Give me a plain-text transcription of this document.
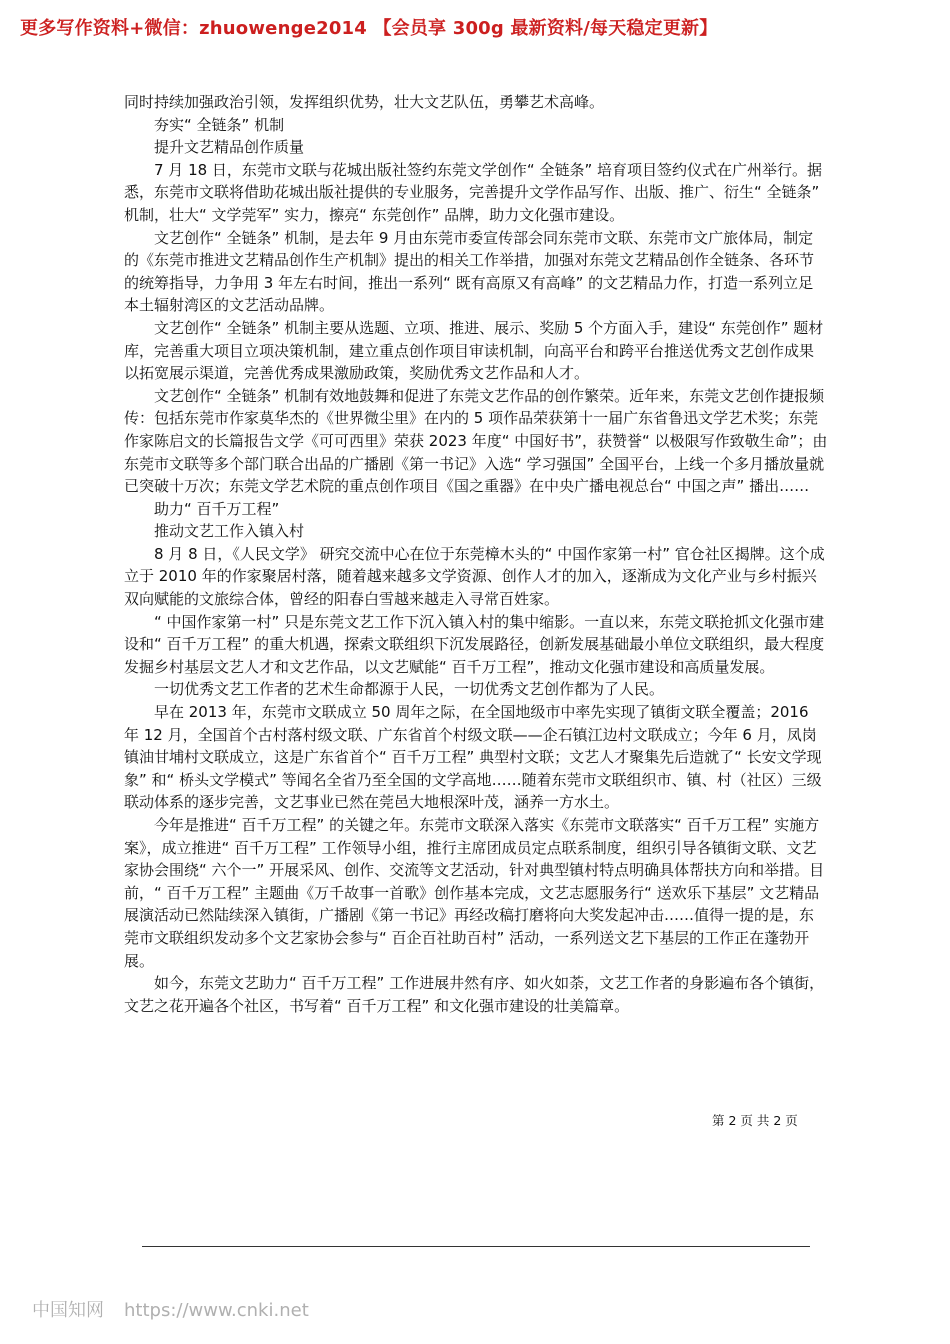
更多写作资料+微信：zhuowenge2014 【会员享 300g 最新资料/每天稳定更新】

同时持续加强政治引领，发挥组织优势，壮大文艺队伍，勇攀艺术高峰。

夯实“ 全链条” 机制

提升文艺精品创作质量

7 月 18 日，东莞市文联与花城出版社签约东莞文学创作“ 全链条” 培育项目签约仪式在广州举行。据悉，东莞市文联将借助花城出版社提供的专业服务，完善提升文学作品写作、出版、推广、衍生“ 全链条” 机制，壮大“ 文学莞军” 实力，擦亮“ 东莞创作” 品牌，助力文化强市建设。

文艺创作“ 全链条” 机制，是去年 9 月由东莞市委宣传部会同东莞市文联、东莞市文广旅体局，制定的《东莞市推进文艺精品创作生产机制》提出的相关工作举措，加强对东莞文艺精品创作全链条、各环节的统筹指导，力争用 3 年左右时间，推出一系列“ 既有高原又有高峰” 的文艺精品力作，打造一系列立足本土辐射湾区的文艺活动品牌。

文艺创作“ 全链条” 机制主要从选题、立项、推进、展示、奖励 5 个方面入手，建设“ 东莞创作” 题材库，完善重大项目立项决策机制，建立重点创作项目审读机制，向高平台和跨平台推送优秀文艺创作成果以拓宽展示渠道，完善优秀成果激励政策，奖励优秀文艺作品和人才。

文艺创作“ 全链条” 机制有效地鼓舞和促进了东莞文艺作品的创作繁荣。近年来，东莞文艺创作捷报频传：包括东莞市作家莫华杰的《世界微尘里》在内的 5 项作品荣获第十一届广东省鲁迅文学艺术奖；东莞作家陈启文的长篇报告文学《可可西里》荣获 2023 年度“ 中国好书”，获赞誉“ 以极限写作致敬生命”；由东莞市文联等多个部门联合出品的广播剧《第一书记》入选“ 学习强国” 全国平台，上线一个多月播放量就已突破十万次；东莞文学艺术院的重点创作项目《国之重器》在中央广播电视总台“ 中国之声” 播出……

助力“ 百千万工程”

推动文艺工作入镇入村

8 月 8 日，《人民文学》 研究交流中心在位于东莞樟木头的“ 中国作家第一村” 官仓社区揭牌。这个成立于 2010 年的作家聚居村落，随着越来越多文学资源、创作人才的加入，逐渐成为文化产业与乡村振兴双向赋能的文旅综合体，曾经的阳春白雪越来越走入寻常百姓家。

“ 中国作家第一村” 只是东莞文艺工作下沉入镇入村的集中缩影。一直以来，东莞文联抢抓文化强市建设和“ 百千万工程” 的重大机遇，探索文联组织下沉发展路径，创新发展基础最小单位文联组织，最大程度发掘乡村基层文艺人才和文艺作品，以文艺赋能“ 百千万工程”，推动文化强市建设和高质量发展。

一切优秀文艺工作者的艺术生命都源于人民，一切优秀文艺创作都为了人民。

早在 2013 年，东莞市文联成立 50 周年之际，在全国地级市中率先实现了镇街文联全覆盖；2016 年 12 月，全国首个古村落村级文联、广东省首个村级文联——企石镇江边村文联成立；今年 6 月，凤岗镇油甘埔村文联成立，这是广东省首个“ 百千万工程” 典型村文联；文艺人才聚集先后造就了“ 长安文学现象” 和“ 桥头文学模式” 等闻名全省乃至全国的文学高地……随着东莞市文联组织市、镇、村（社区）三级联动体系的逐步完善，文艺事业已然在莞邑大地根深叶茂，涵养一方水土。

今年是推进“ 百千万工程” 的关键之年。东莞市文联深入落实《东莞市文联落实“ 百千万工程” 实施方案》，成立推进“ 百千万工程” 工作领导小组，推行主席团成员定点联系制度，组织引导各镇街文联、文艺家协会围绕“ 六个一” 开展采风、创作、交流等文艺活动，针对典型镇村特点明确具体帮扶方向和举措。目前，“ 百千万工程” 主题曲《万千故事一首歌》创作基本完成，文艺志愿服务行“ 送欢乐下基层” 文艺精品展演活动已然陆续深入镇街，广播剧《第一书记》再经改稿打磨将向大奖发起冲击……值得一提的是，东莞市文联组织发动多个文艺家协会参与“ 百企百社助百村” 活动，一系列送文艺下基层的工作正在蓬勃开展。

如今，东莞文艺助力“ 百千万工程” 工作进展井然有序、如火如荼，文艺工作者的身影遍布各个镇街，文艺之花开遍各个社区，书写着“ 百千万工程” 和文化强市建设的壮美篇章。

第 2 页 共 2 页

中国知网 https://www.cnki.net
